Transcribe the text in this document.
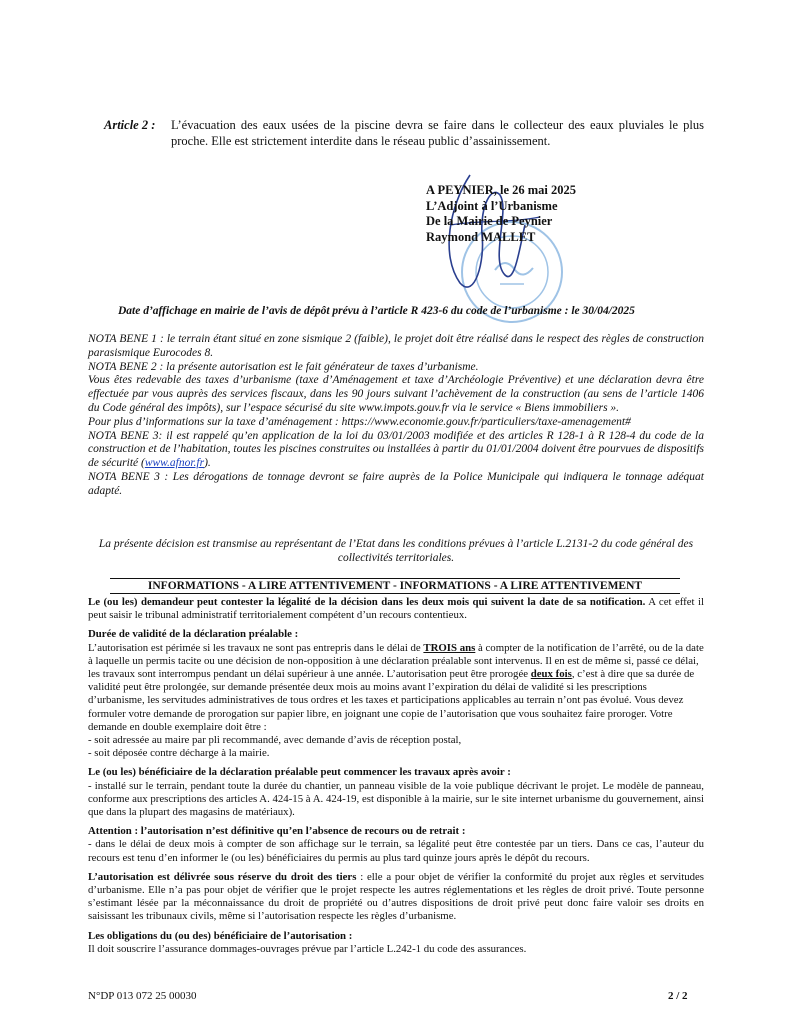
Article 2 : L’évacuation des eaux usées de la piscine devra se faire dans le collecteur des eaux pluviales le plus proche. Elle est strictement interdite dans le réseau public d’assainissement.
A PEYNIER, le 26 mai 2025
L’Adjoint à l’Urbanisme
De la Mairie de Peynier
Raymond MALLET
Date d’affichage en mairie de l’avis de dépôt prévu à l’article R 423-6 du code de l’urbanisme : le 30/04/2025

NOTA BENE 1 : le terrain étant situé en zone sismique 2 (faible), le projet doit être réalisé dans le respect des règles de construction parasismique Eurocodes 8.

NOTA BENE 2 : la présente autorisation est le fait générateur de taxes d’urbanisme.

Vous êtes redevable des taxes d’urbanisme (taxe d’Aménagement et taxe d’Archéologie Préventive) et une déclaration devra être effectuée par vous auprès des services fiscaux, dans les 90 jours suivant l’achèvement de la construction (au sens de l’article 1406 du Code général des impôts), sur l’espace sécurisé du site www.impots.gouv.fr via le service « Biens immobiliers ».

Pour plus d’informations sur la taxe d’aménagement : https://www.economie.gouv.fr/particuliers/taxe-amenagement#

NOTA BENE 3: il est rappelé qu’en application de la loi du 03/01/2003 modifiée et des articles R 128-1 à R 128-4 du code de la construction et de l’habitation, toutes les piscines construites ou installées à partir du 01/01/2004 doivent être pourvues de dispositifs de sécurité (www.afnor.fr).

NOTA BENE 3 : Les dérogations de tonnage devront se faire auprès de la Police Municipale qui indiquera le tonnage adéquat adapté.

La présente décision est transmise au représentant de l’Etat dans les conditions prévues à l’article L.2131-2 du code général des collectivités territoriales.
INFORMATIONS - A LIRE ATTENTIVEMENT - INFORMATIONS - A LIRE ATTENTIVEMENT

Le (ou les) demandeur peut contester la légalité de la décision dans les deux mois qui suivent la date de sa notification. A cet effet il peut saisir le tribunal administratif territorialement compétent d’un recours contentieux.

Durée de validité de la déclaration préalable :

L’autorisation est périmée si les travaux ne sont pas entrepris dans le délai de TROIS ans à compter de la notification de l’arrêté, ou de la date à laquelle un permis tacite ou une décision de non-opposition à une déclaration préalable sont intervenus. Il en est de même si, passé ce délai, les travaux sont interrompus pendant un délai supérieur à une année. L’autorisation peut être prorogée deux fois, c’est à dire que sa durée de validité peut être prolongée, sur demande présentée deux mois au moins avant l’expiration du délai de validité si les prescriptions d’urbanisme, les servitudes administratives de tous ordres et les taxes et participations applicables au terrain n’ont pas évolué. Vous devez formuler votre demande de prorogation sur papier libre, en joignant une copie de l’autorisation que vous souhaitez faire proroger. Votre demande en double exemplaire doit être :

- soit adressée au maire par pli recommandé, avec demande d’avis de réception postal,

- soit déposée contre décharge à la mairie.

Le (ou les) bénéficiaire de la déclaration préalable peut commencer les travaux après avoir :

- installé sur le terrain, pendant toute la durée du chantier, un panneau visible de la voie publique décrivant le projet. Le modèle de panneau, conforme aux prescriptions des articles A. 424-15 à A. 424-19, est disponible à la mairie, sur le site internet urbanisme du gouvernement, ainsi que dans la plupart des magasins de matériaux).

Attention : l’autorisation n’est définitive qu’en l’absence de recours ou de retrait :

- dans le délai de deux mois à compter de son affichage sur le terrain, sa légalité peut être contestée par un tiers. Dans ce cas, l’auteur du recours est tenu d’en informer le (ou les) bénéficiaires du permis au plus tard quinze jours après le dépôt du recours.

L’autorisation est délivrée sous réserve du droit des tiers : elle a pour objet de vérifier la conformité du projet aux règles et servitudes d’urbanisme. Elle n’a pas pour objet de vérifier que le projet respecte les autres réglementations et les règles de droit privé. Toute personne s’estimant lésée par la méconnaissance du droit de propriété ou d’autres dispositions de droit privé peut donc faire valoir ses droits en saisissant les tribunaux civils, même si l’autorisation respecte les règles d’urbanisme.

Les obligations du (ou des) bénéficiaire de l’autorisation :

Il doit souscrire l’assurance dommages-ouvrages prévue par l’article L.242-1 du code des assurances.

N°DP 013 072 25 00030	2 / 2
